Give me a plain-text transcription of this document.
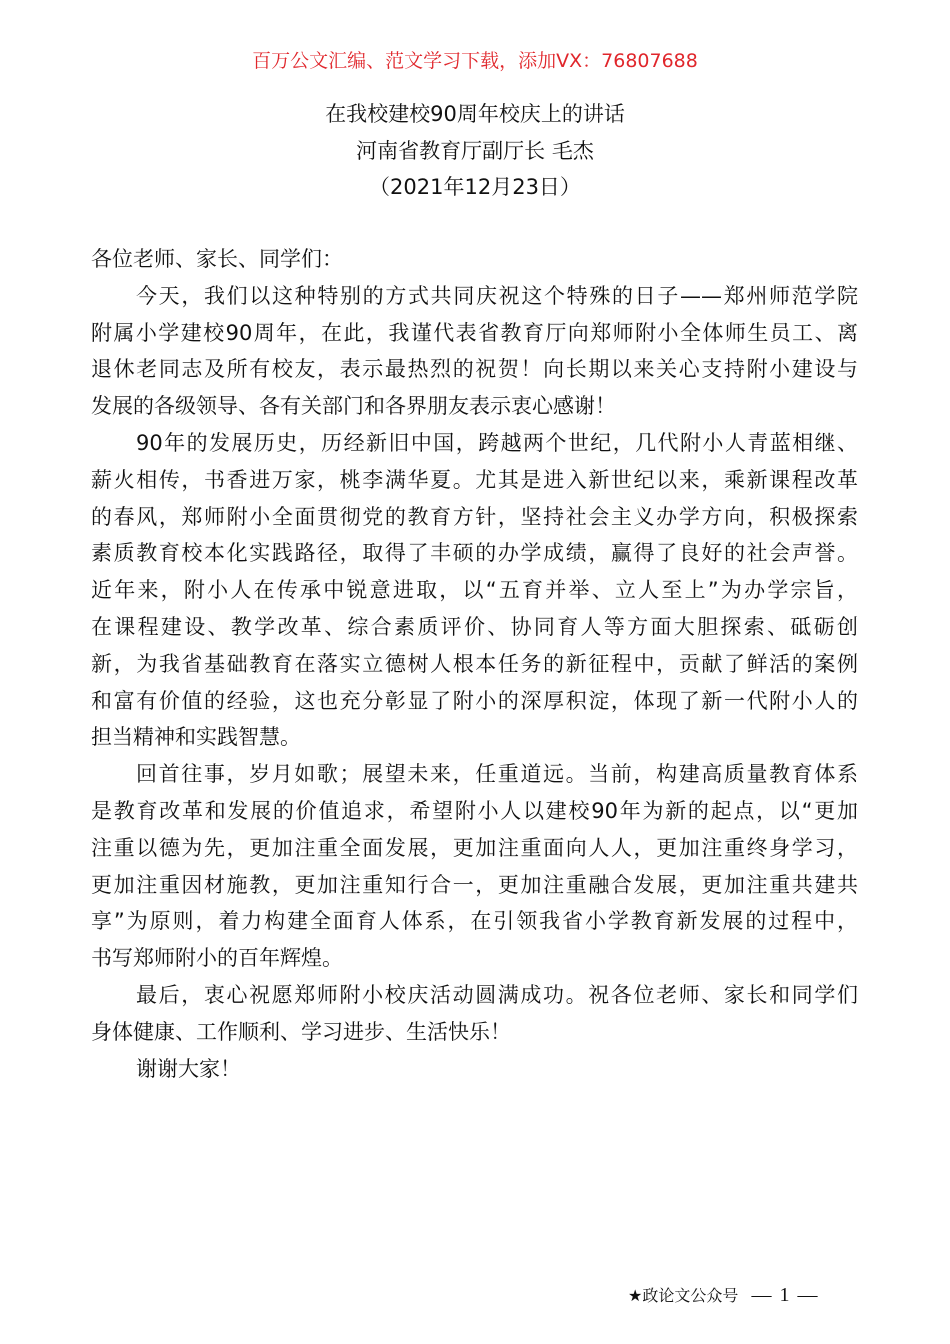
百万公文汇编、范文学习下载，添加VX：76807688
在我校建校90周年校庆上的讲话
河南省教育厅副厅长 毛杰
（2021年12月23日）
各位老师、家长、同学们：
今天，我们以这种特别的方式共同庆祝这个特殊的日子——郑州师范学院
附属小学建校90周年，在此，我谨代表省教育厅向郑师附小全体师生员工、离
退休老同志及所有校友，表示最热烈的祝贺！向长期以来关心支持附小建设与
发展的各级领导、各有关部门和各界朋友表示衷心感谢！
90年的发展历史，历经新旧中国，跨越两个世纪，几代附小人青蓝相继、
薪火相传，书香进万家，桃李满华夏。尤其是进入新世纪以来，乘新课程改革
的春风，郑师附小全面贯彻党的教育方针，坚持社会主义办学方向，积极探索
素质教育校本化实践路径，取得了丰硕的办学成绩，赢得了良好的社会声誉。
近年来，附小人在传承中锐意进取，以“五育并举、立人至上”为办学宗旨，
在课程建设、教学改革、综合素质评价、协同育人等方面大胆探索、砥砺创
新，为我省基础教育在落实立德树人根本任务的新征程中，贡献了鲜活的案例
和富有价值的经验，这也充分彰显了附小的深厚积淀，体现了新一代附小人的
担当精神和实践智慧。
回首往事，岁月如歌；展望未来，任重道远。当前，构建高质量教育体系
是教育改革和发展的价值追求，希望附小人以建校90年为新的起点，以“更加
注重以德为先，更加注重全面发展，更加注重面向人人，更加注重终身学习，
更加注重因材施教，更加注重知行合一，更加注重融合发展，更加注重共建共
享”为原则，着力构建全面育人体系，在引领我省小学教育新发展的过程中，
书写郑师附小的百年辉煌。
最后，衷心祝愿郑师附小校庆活动圆满成功。祝各位老师、家长和同学们
身体健康、工作顺利、学习进步、生活快乐！
谢谢大家！
★政论文公众号 — 1 —
